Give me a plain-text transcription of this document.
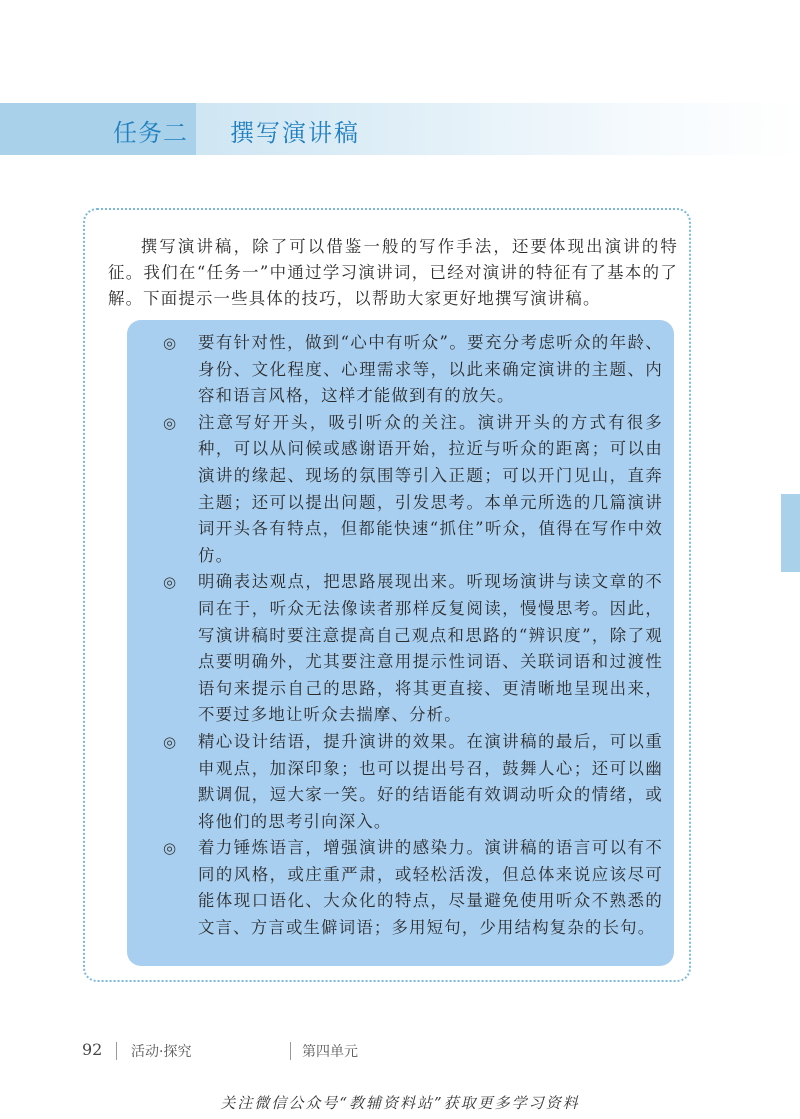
任务二 撰写演讲稿

撰写演讲稿，除了可以借鉴一般的写作手法，还要体现出演讲的特征。我们在“任务一”中通过学习演讲词，已经对演讲的特征有了基本的了解。下面提示一些具体的技巧，以帮助大家更好地撰写演讲稿。

◎ 要有针对性，做到“心中有听众”。要充分考虑听众的年龄、身份、文化程度、心理需求等，以此来确定演讲的主题、内容和语言风格，这样才能做到有的放矢。
◎ 注意写好开头，吸引听众的关注。演讲开头的方式有很多种，可以从问候或感谢语开始，拉近与听众的距离；可以由演讲的缘起、现场的氛围等引入正题；可以开门见山，直奔主题；还可以提出问题，引发思考。本单元所选的几篇演讲词开头各有特点，但都能快速“抓住”听众，值得在写作中效仿。
◎ 明确表达观点，把思路展现出来。听现场演讲与读文章的不同在于，听众无法像读者那样反复阅读，慢慢思考。因此，写演讲稿时要注意提高自己观点和思路的“辨识度”，除了观点要明确外，尤其要注意用提示性词语、关联词语和过渡性语句来提示自己的思路，将其更直接、更清晰地呈现出来，不要过多地让听众去揣摩、分析。
◎ 精心设计结语，提升演讲的效果。在演讲稿的最后，可以重申观点，加深印象；也可以提出号召，鼓舞人心；还可以幽默调侃，逗大家一笑。好的结语能有效调动听众的情绪，或将他们的思考引向深入。
◎ 着力锤炼语言，增强演讲的感染力。演讲稿的语言可以有不同的风格，或庄重严肃，或轻松活泼，但总体来说应该尽可能体现口语化、大众化的特点，尽量避免使用听众不熟悉的文言、方言或生僻词语；多用短句，少用结构复杂的长句。
92 活动·探究	第四单元
关注微信公众号“教辅资料站”获取更多学习资料
